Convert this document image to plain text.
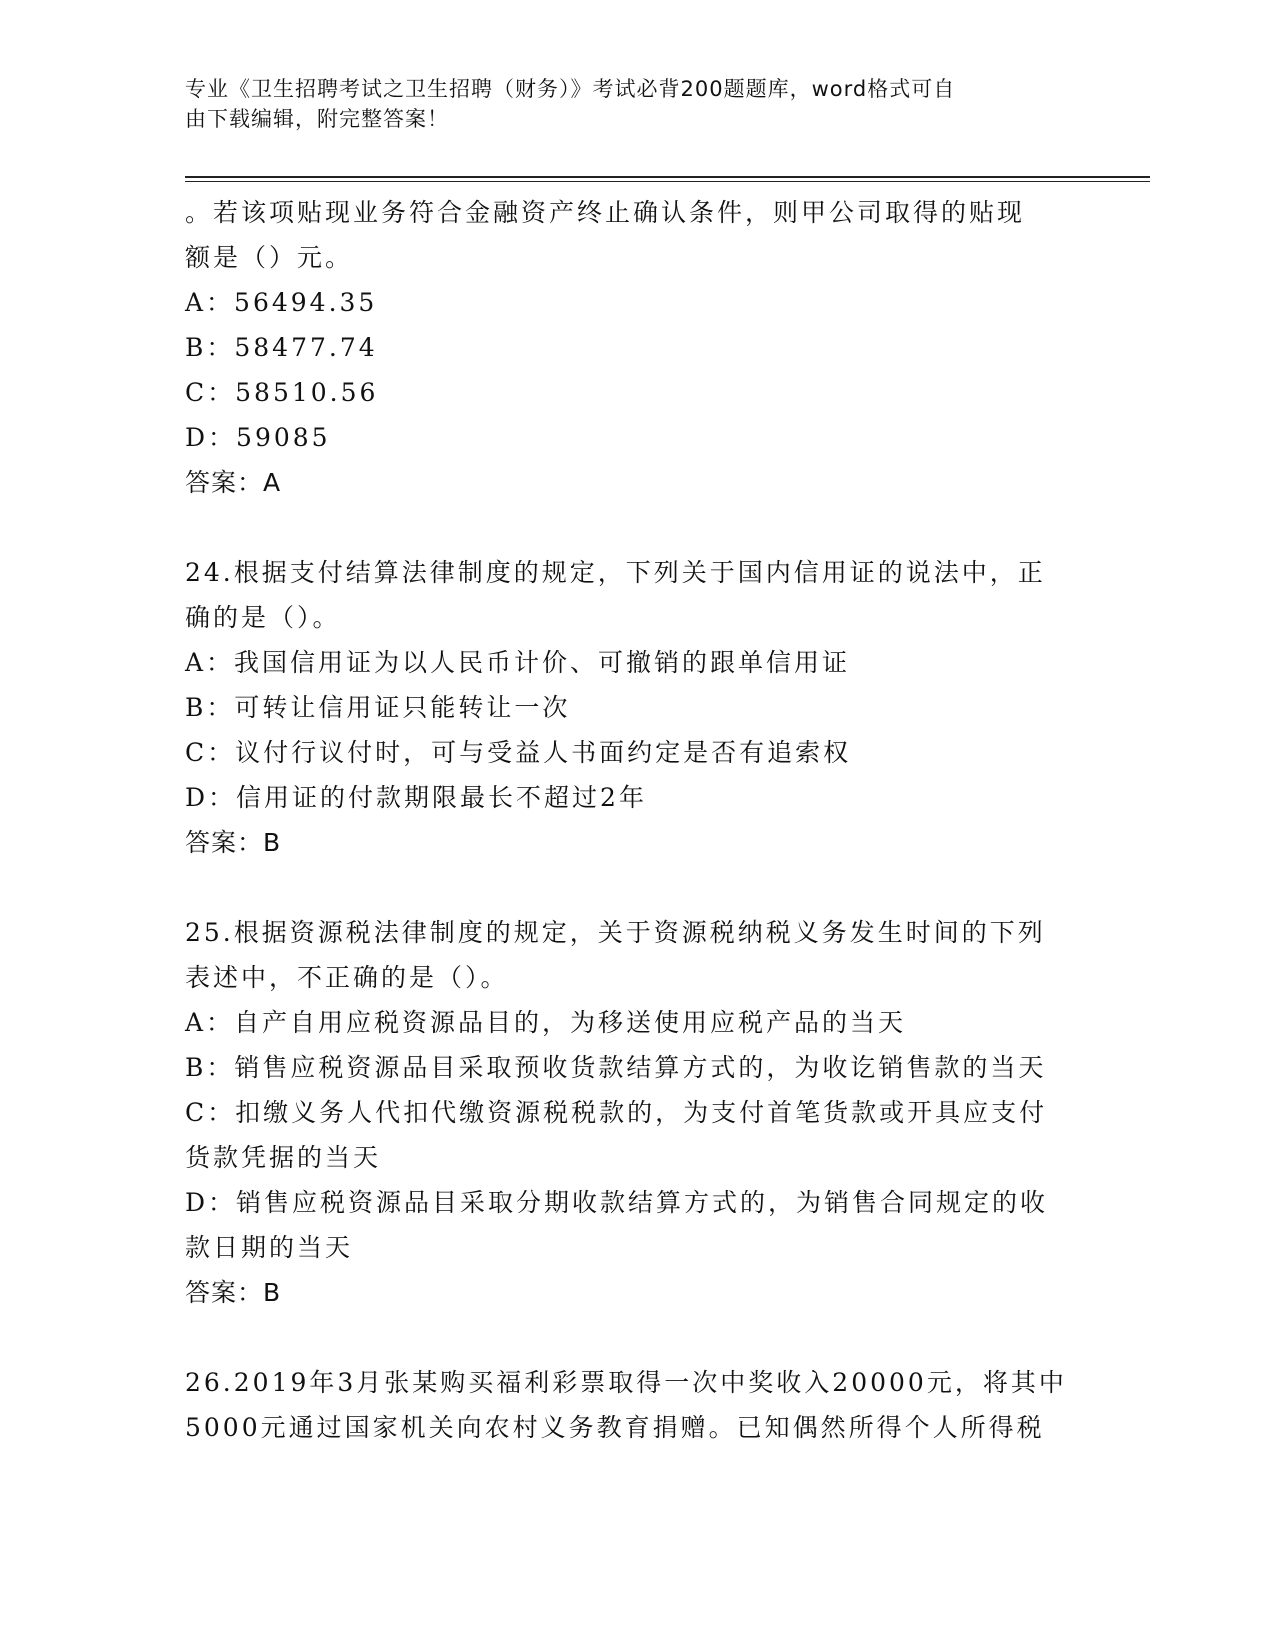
专业《卫生招聘考试之卫生招聘（财务）》考试必背200题题库，word格式可自
由下载编辑，附完整答案！
。若该项贴现业务符合金融资产终止确认条件，则甲公司取得的贴现
额是（）元。
A：56494.35
B：58477.74
C：58510.56
D：59085
答案：A
24.根据支付结算法律制度的规定，下列关于国内信用证的说法中，正
确的是（）。
A：我国信用证为以人民币计价、可撤销的跟单信用证
B：可转让信用证只能转让一次
C：议付行议付时，可与受益人书面约定是否有追索权
D：信用证的付款期限最长不超过2年
答案：B
25.根据资源税法律制度的规定，关于资源税纳税义务发生时间的下列
表述中，不正确的是（）。
A：自产自用应税资源品目的，为移送使用应税产品的当天
B：销售应税资源品目采取预收货款结算方式的，为收讫销售款的当天
C：扣缴义务人代扣代缴资源税税款的，为支付首笔货款或开具应支付
货款凭据的当天
D：销售应税资源品目采取分期收款结算方式的，为销售合同规定的收
款日期的当天
答案：B
26.2019年3月张某购买福利彩票取得一次中奖收入20000元，将其中
5000元通过国家机关向农村义务教育捐赠。已知偶然所得个人所得税
